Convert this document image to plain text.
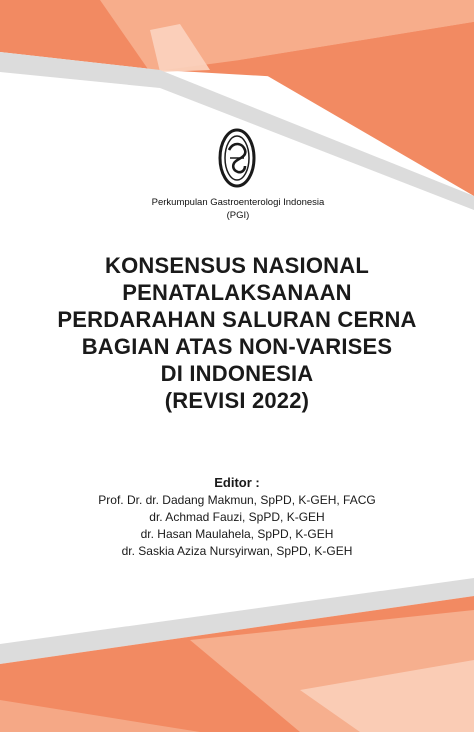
Perkumpulan Gastroenterologi Indonesia
(PGI)
KONSENSUS NASIONAL
PENATALAKSANAAN
PERDARAHAN SALURAN CERNA
BAGIAN ATAS NON-VARISES
DI INDONESIA
(REVISI 2022)
Editor :
Prof. Dr. dr. Dadang Makmun, SpPD, K-GEH, FACG
dr. Achmad Fauzi, SpPD, K-GEH
dr. Hasan Maulahela, SpPD, K-GEH
dr. Saskia Aziza Nursyirwan, SpPD, K-GEH
